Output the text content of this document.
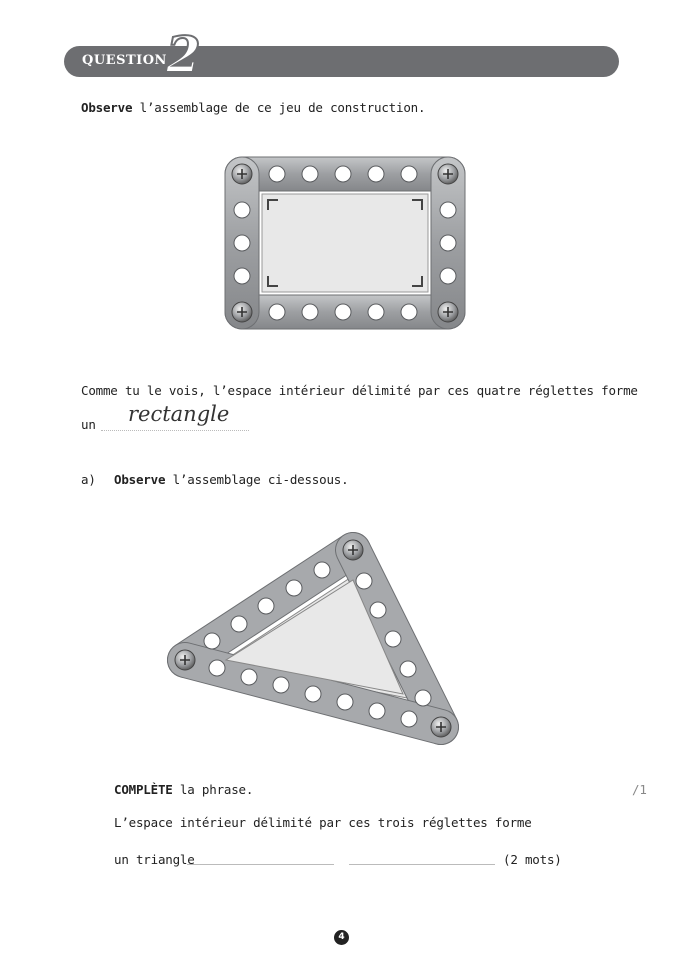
QUESTION 2
Observe l’assemblage de ce jeu de construction.
Comme tu le vois, l’espace intérieur délimité par ces quatre réglettes forme
un rectangle
a) Observe l’assemblage ci-dessous.
COMPLÈTE la phrase.	/1
L’espace intérieur délimité par ces trois réglettes forme
un triangle	(2 mots)
4
